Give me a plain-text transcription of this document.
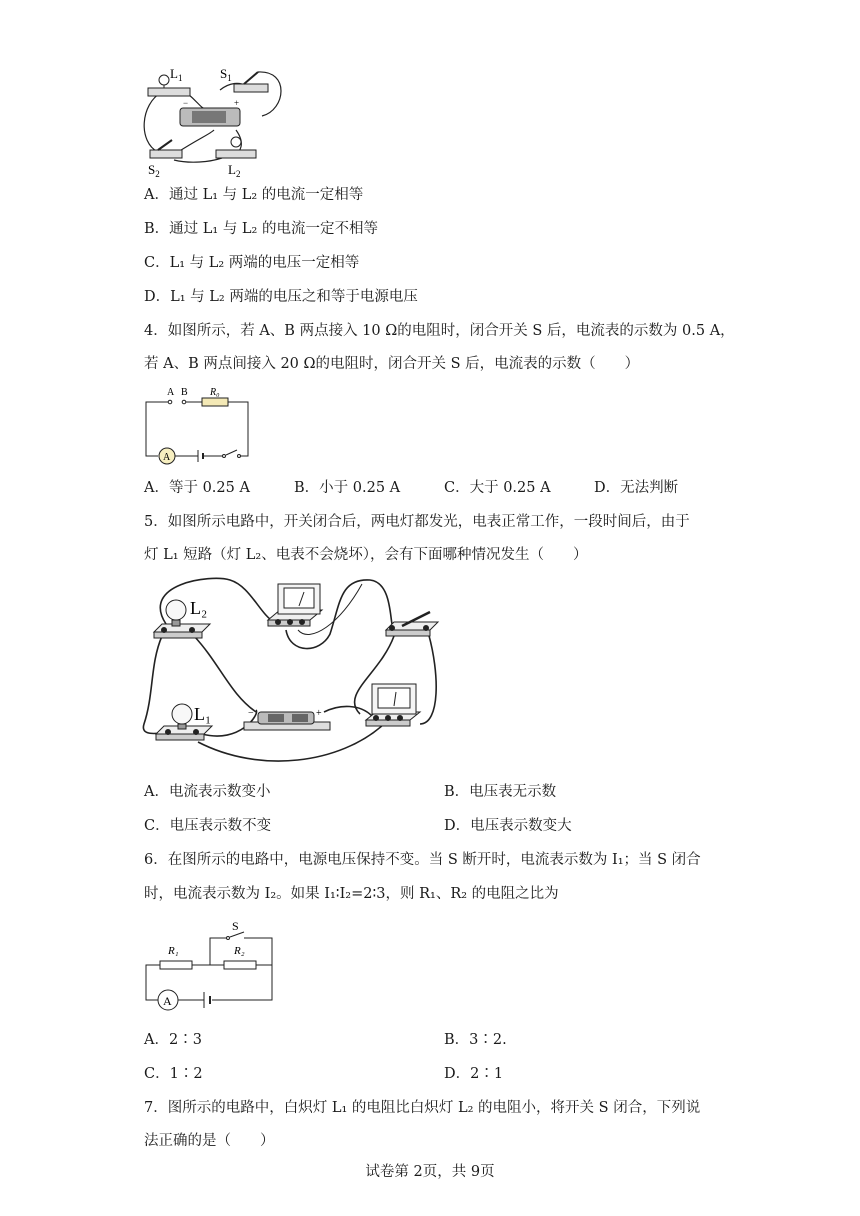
−	+
$L_1$	$S_1$
$S_2$	$L_2$
A．通过 L₁ 与 L₂ 的电流一定相等
B．通过 L₁ 与 L₂ 的电流一定不相等
C．L₁ 与 L₂ 两端的电压一定相等
D．L₁ 与 L₂ 两端的电压之和等于电源电压
4．如图所示，若 A、B 两点接入 10 Ω的电阻时，闭合开关 S 后，电流表的示数为 0.5 A，
若 A、B 两点间接入 20 Ω的电阻时，闭合开关 S 后，电流表的示数（　　）
A B R₀
A
A．等于 0.25 A	B．小于 0.25 A	C．大于 0.25 A	D．无法判断
5．如图所示电路中，开关闭合后，两电灯都发光，电表正常工作，一段时间后，由于
灯 L₁ 短路（灯 L₂、电表不会烧坏），会有下面哪种情况发生（　　）
−	+
L₂
L₁
A．电流表示数变小	B．电压表无示数
C．电压表示数不变	D．电压表示数变大
6．在图所示的电路中，电源电压保持不变。当 S 断开时，电流表示数为 I₁；当 S 闭合
时，电流表示数为 I₂。如果 I₁∶I₂=2∶3，则 R₁、R₂ 的电阻之比为
S
R₁	R₂
A
A．2∶3	B．3∶2.
C．1∶2	D．2∶1
7．图所示的电路中，白炽灯 L₁ 的电阻比白炽灯 L₂ 的电阻小，将开关 S 闭合，下列说
法正确的是（　　）
试卷第 2页，共 9页
